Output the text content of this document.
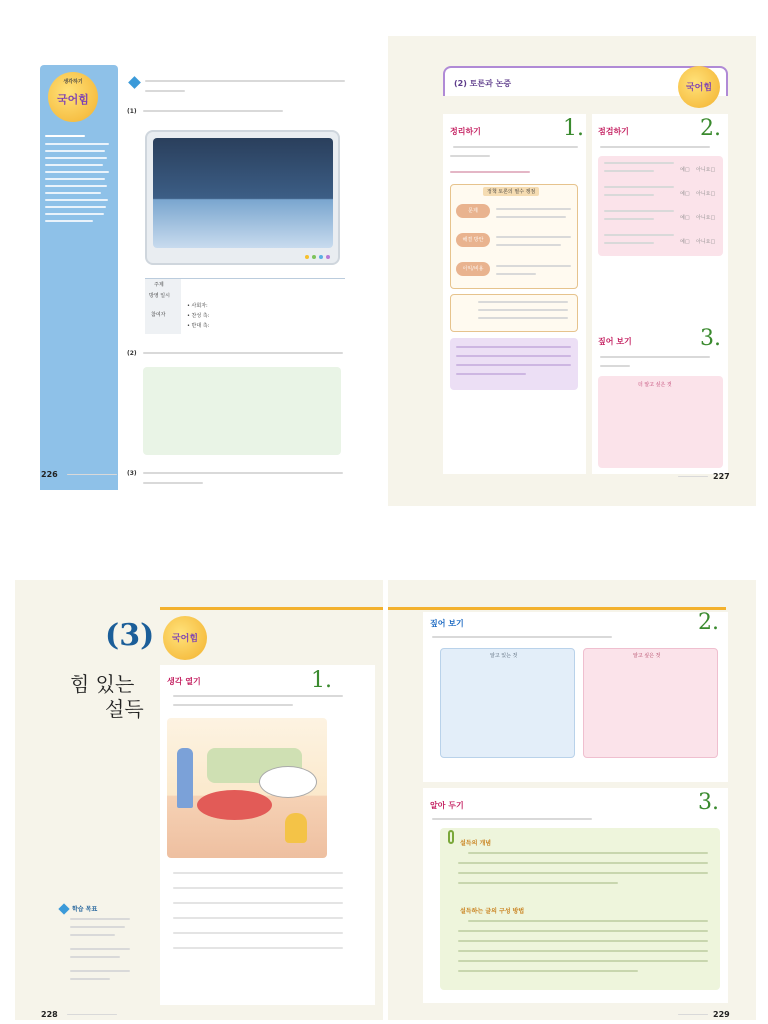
생각하기
국어힘
(1)
주제
방영 일시
참여자
• 사회자:
• 찬성 측:
• 반대 측:
(2)
(3)
226
(2) 토론과 논증	국어힘
정리하기	1.
정책 토론의 필수 쟁점
문제
해결 방안
이익/비용
점검하기	2.
예□ 아니요□
예□ 아니요□
예□ 아니요□
예□ 아니요□
짚어 보기	3.
더 알고 싶은 것
227
(3)
힘 있는
설득
국어힘
생각 열기	1.
학습 목표
228
짚어 보기	2.
알고 있는 것	알고 싶은 것
알아 두기	3.
설득의 개념
설득하는 글의 구성 방법
229
